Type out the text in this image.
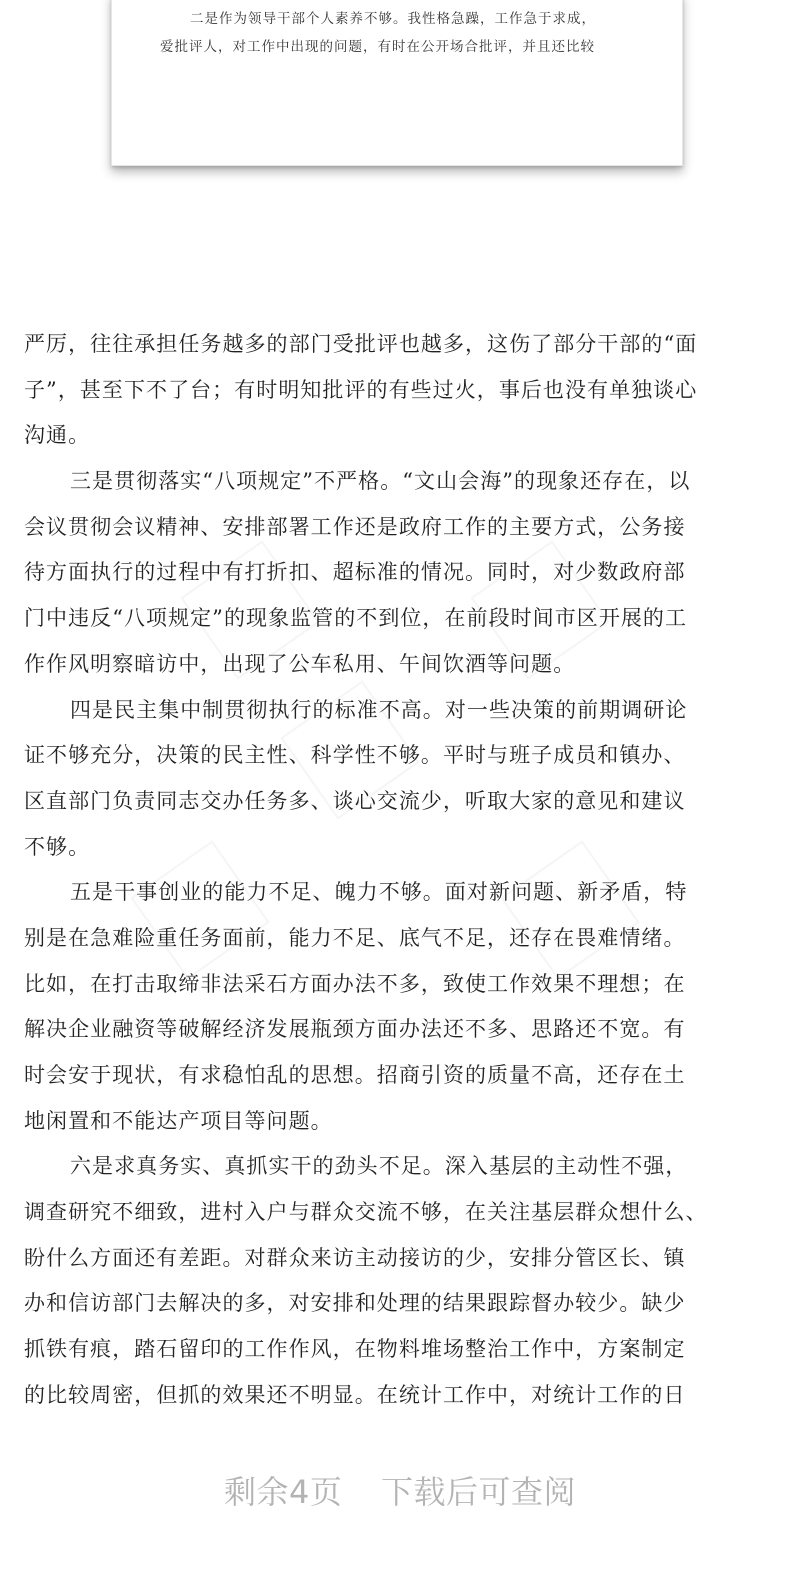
二是作为领导干部个人素养不够。我性格急躁，工作急于求成，
爱批评人，对工作中出现的问题，有时在公开场合批评，并且还比较
严厉，往往承担任务越多的部门受批评也越多，这伤了部分干部的“面
子”，甚至下不了台；有时明知批评的有些过火，事后也没有单独谈心
沟通。
三是贯彻落实“八项规定”不严格。“文山会海”的现象还存在，以
会议贯彻会议精神、安排部署工作还是政府工作的主要方式，公务接
待方面执行的过程中有打折扣、超标准的情况。同时，对少数政府部
门中违反“八项规定”的现象监管的不到位，在前段时间市区开展的工
作作风明察暗访中，出现了公车私用、午间饮酒等问题。
四是民主集中制贯彻执行的标准不高。对一些决策的前期调研论
证不够充分，决策的民主性、科学性不够。平时与班子成员和镇办、
区直部门负责同志交办任务多、谈心交流少，听取大家的意见和建议
不够。
五是干事创业的能力不足、魄力不够。面对新问题、新矛盾，特
别是在急难险重任务面前，能力不足、底气不足，还存在畏难情绪。
比如，在打击取缔非法采石方面办法不多，致使工作效果不理想；在
解决企业融资等破解经济发展瓶颈方面办法还不多、思路还不宽。有
时会安于现状，有求稳怕乱的思想。招商引资的质量不高，还存在土
地闲置和不能达产项目等问题。
六是求真务实、真抓实干的劲头不足。深入基层的主动性不强，
调查研究不细致，进村入户与群众交流不够，在关注基层群众想什么、
盼什么方面还有差距。对群众来访主动接访的少，安排分管区长、镇
办和信访部门去解决的多，对安排和处理的结果跟踪督办较少。缺少
抓铁有痕，踏石留印的工作作风，在物料堆场整治工作中，方案制定
的比较周密，但抓的效果还不明显。在统计工作中，对统计工作的日
剩余4页 下载后可查阅
